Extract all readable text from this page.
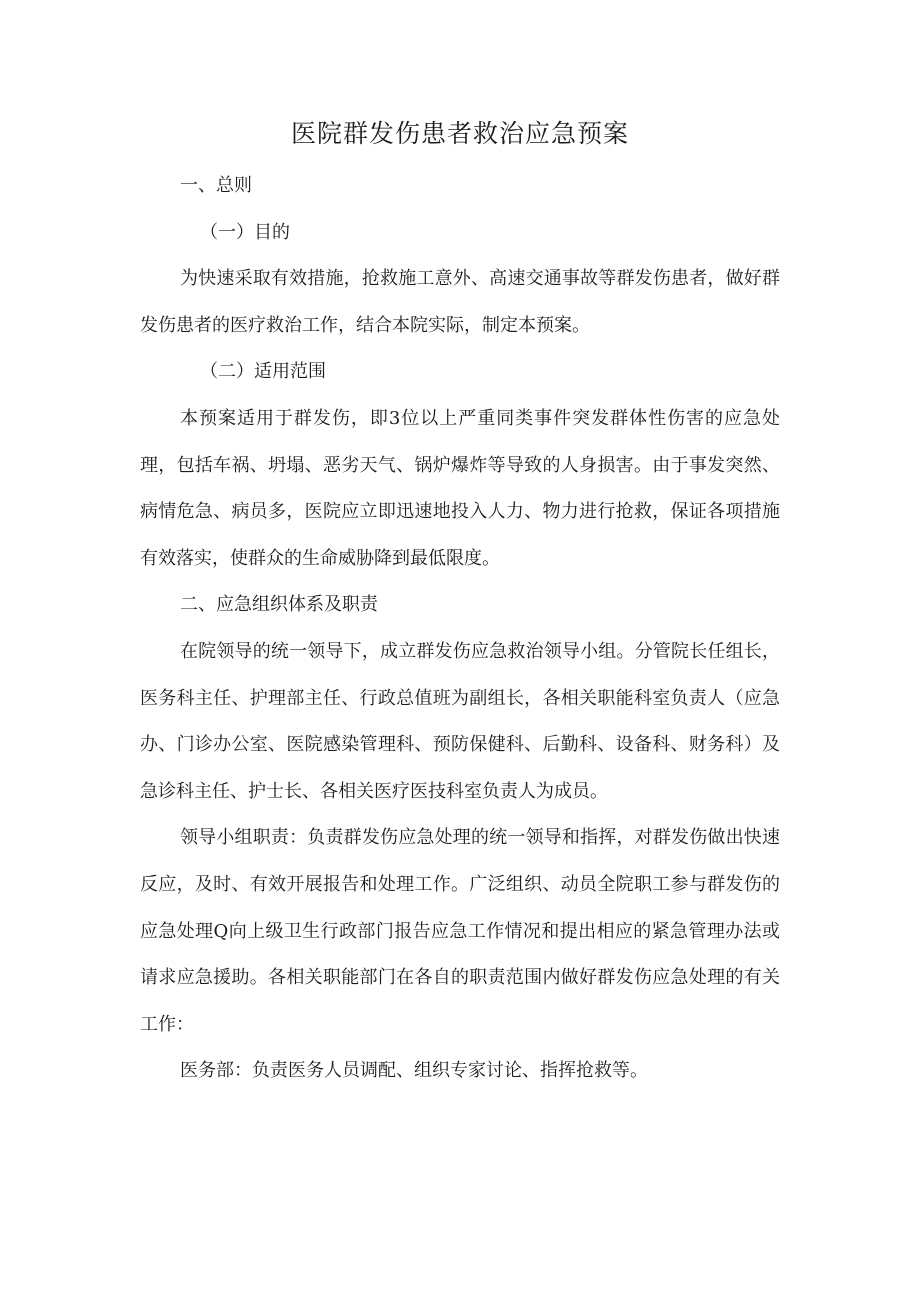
医院群发伤患者救治应急预案

一、总则

（一）目的

为快速采取有效措施，抢救施工意外、高速交通事故等群发伤患者，做好群发伤患者的医疗救治工作，结合本院实际，制定本预案。

（二）适用范围

本预案适用于群发伤，即3位以上严重同类事件突发群体性伤害的应急处理，包括车祸、坍塌、恶劣天气、锅炉爆炸等导致的人身损害。由于事发突然、病情危急、病员多，医院应立即迅速地投入人力、物力进行抢救，保证各项措施有效落实，使群众的生命威胁降到最低限度。

二、应急组织体系及职责

在院领导的统一领导下，成立群发伤应急救治领导小组。分管院长任组长，医务科主任、护理部主任、行政总值班为副组长，各相关职能科室负责人（应急办、门诊办公室、医院感染管理科、预防保健科、后勤科、设备科、财务科）及急诊科主任、护士长、各相关医疗医技科室负责人为成员。

领导小组职责：负责群发伤应急处理的统一领导和指挥，对群发伤做出快速反应，及时、有效开展报告和处理工作。广泛组织、动员全院职工参与群发伤的应急处理Q向上级卫生行政部门报告应急工作情况和提出相应的紧急管理办法或请求应急援助。各相关职能部门在各自的职责范围内做好群发伤应急处理的有关工作：

医务部：负责医务人员调配、组织专家讨论、指挥抢救等。
